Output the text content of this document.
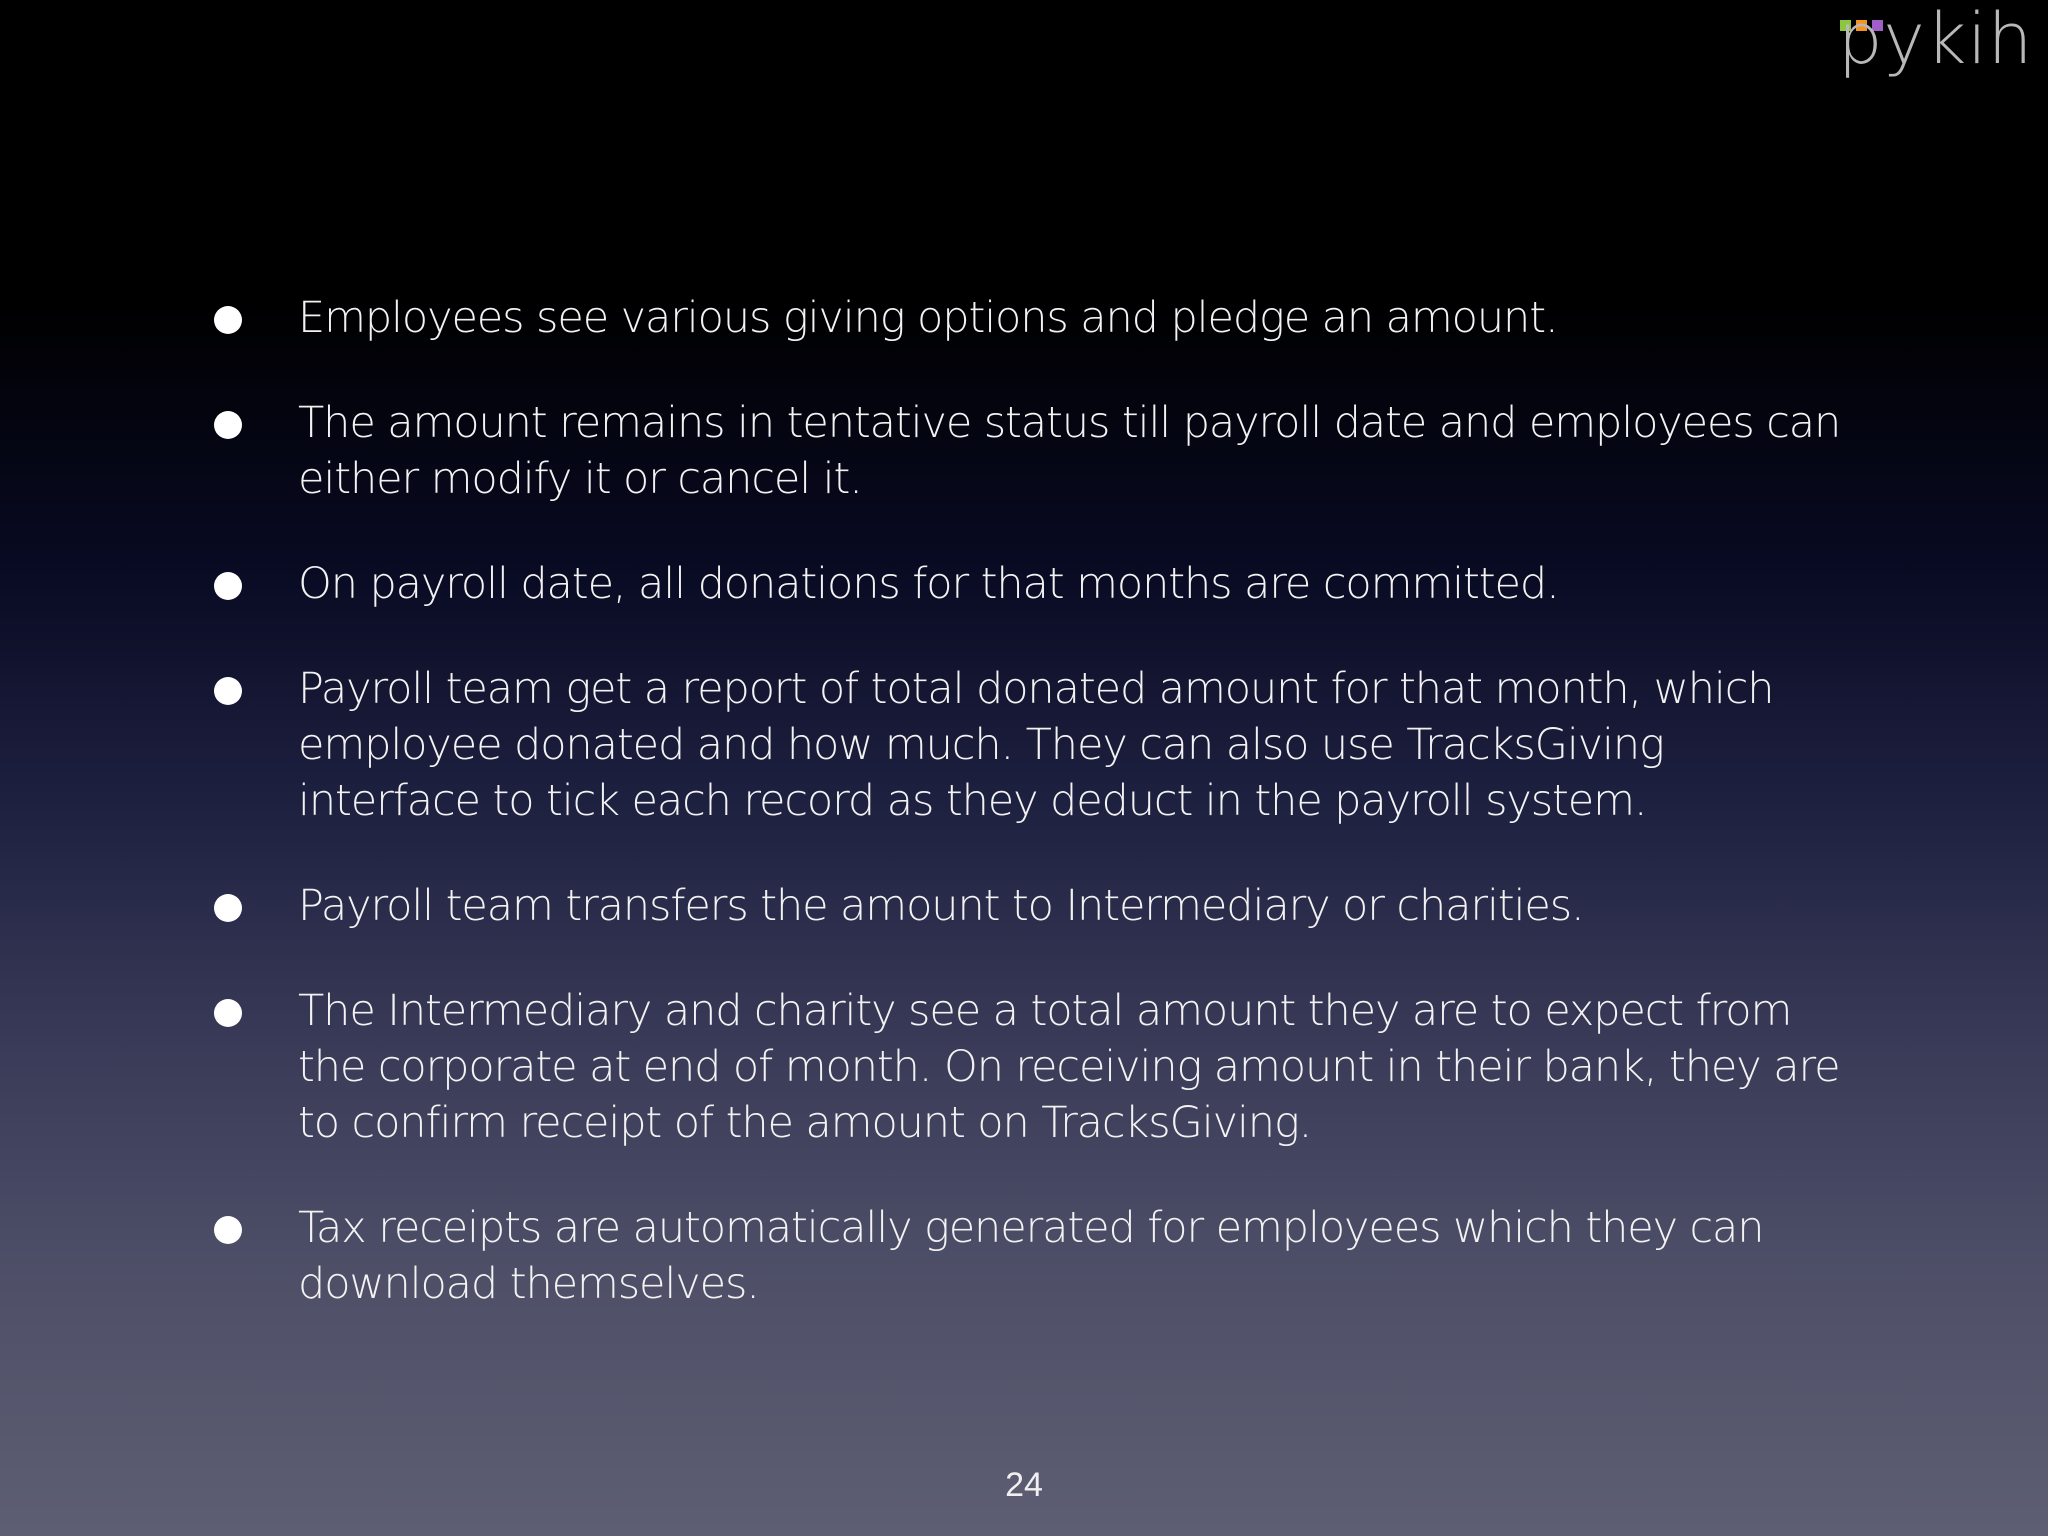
pykih
Employees see various giving options and pledge an amount.
The amount remains in tentative status till payroll date and employees can either modify it or cancel it.
On payroll date, all donations for that months are committed.
Payroll team get a report of total donated amount for that month, which employee donated and how much. They can also use TracksGiving interface to tick each record as they deduct in the payroll system.
Payroll team transfers the amount to Intermediary or charities.
The Intermediary and charity see a total amount they are to expect from the corporate at end of month. On receiving amount in their bank, they are to confirm receipt of the amount on TracksGiving.
Tax receipts are automatically generated for employees which they can download themselves.
24
